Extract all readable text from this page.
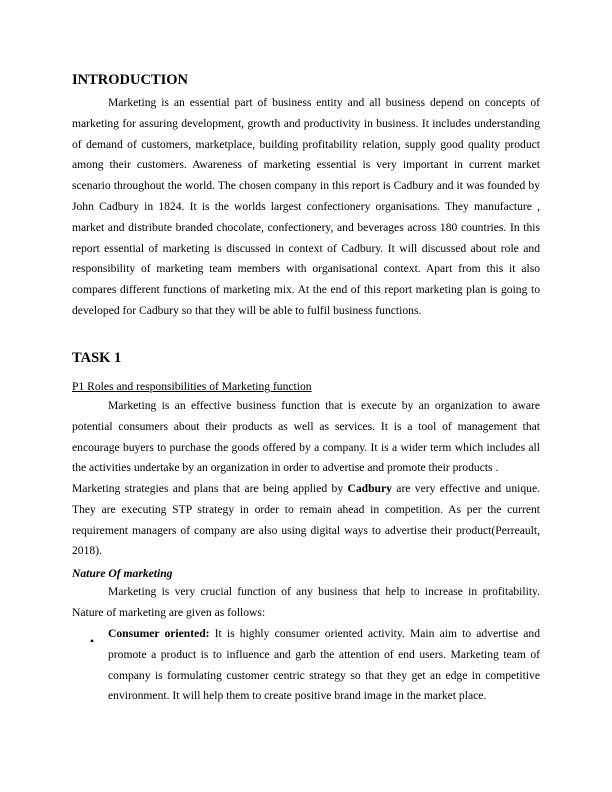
INTRODUCTION

Marketing is an essential part of business entity and all business depend on concepts of marketing for assuring development, growth and productivity in business. It includes understanding of demand of customers, marketplace, building profitability relation, supply good quality product among their customers. Awareness of marketing essential is very important in current market scenario throughout the world. The chosen company in this report is Cadbury and it was founded by John Cadbury in 1824. It is the worlds largest confectionery organisations. They manufacture , market and distribute branded chocolate, confectionery, and beverages across 180 countries. In this report essential of marketing is discussed in context of Cadbury. It will discussed about role and responsibility of marketing team members with organisational context. Apart from this it also compares different functions of marketing mix. At the end of this report marketing plan is going to developed for Cadbury so that they will be able to fulfil business functions.

TASK 1

P1 Roles and responsibilities of Marketing function

Marketing is an effective business function that is execute by an organization to aware potential consumers about their products as well as services. It is a tool of management that encourage buyers to purchase the goods offered by a company. It is a wider term which includes all the activities undertake by an organization in order to advertise and promote their products .

Marketing strategies and plans that are being applied by Cadbury are very effective and unique. They are executing STP strategy in order to remain ahead in competition. As per the current requirement managers of company are also using digital ways to advertise their product(Perreault, 2018).

Nature Of marketing

Marketing is very crucial function of any business that help to increase in profitability. Nature of marketing are given as follows:

•

Consumer oriented: It is highly consumer oriented activity. Main aim to advertise and promote a product is to influence and garb the attention of end users. Marketing team of company is formulating customer centric strategy so that they get an edge in competitive environment. It will help them to create positive brand image in the market place.
